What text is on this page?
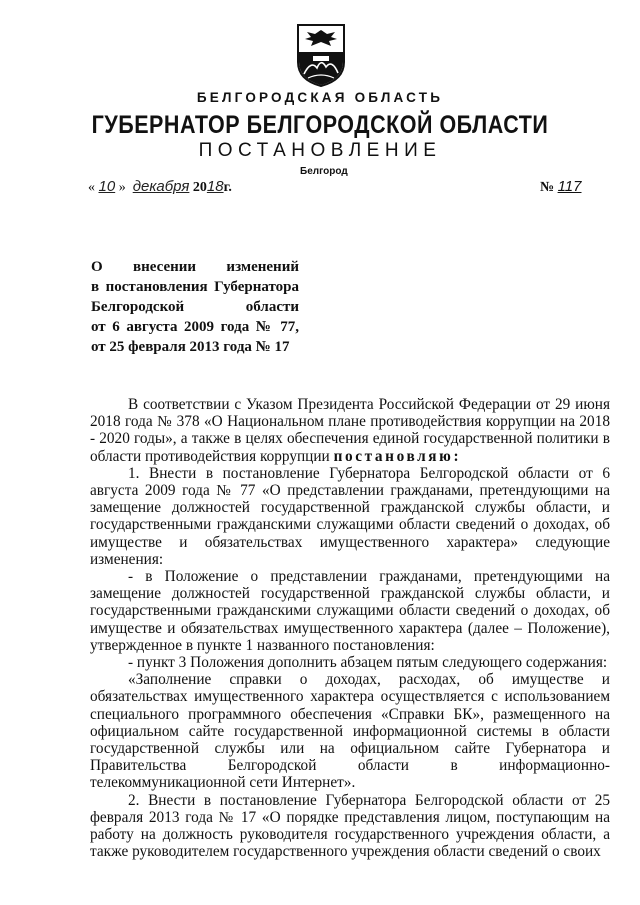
БЕЛГОРОДСКАЯ ОБЛАСТЬ
ГУБЕРНАТОР БЕЛГОРОДСКОЙ ОБЛАСТИ
ПОСТАНОВЛЕНИЕ
Белгород
« 10 » декабря 2018г.	№ 117
О внесении изменений
в постановления Губернатора
Белгородской области
от 6 августа 2009 года № 77,
от 25 февраля 2013 года № 17

В соответствии с Указом Президента Российской Федерации от 29 июня 2018 года № 378 «О Национальном плане противодействия коррупции на 2018 - 2020 годы», а также в целях обеспечения единой государственной политики в области противодействия коррупции постановляю:

1. Внести в постановление Губернатора Белгородской области от 6 августа 2009 года № 77 «О представлении гражданами, претендующими на замещение должностей государственной гражданской службы области, и государственными гражданскими служащими области сведений о доходах, об имуществе и обязательствах имущественного характера» следующие изменения:

- в Положение о представлении гражданами, претендующими на замещение должностей государственной гражданской службы области, и государственными гражданскими служащими области сведений о доходах, об имуществе и обязательствах имущественного характера (далее – Положение), утвержденное в пункте 1 названного постановления:

- пункт 3 Положения дополнить абзацем пятым следующего содержания:

«Заполнение справки о доходах, расходах, об имуществе и обязательствах имущественного характера осуществляется с использованием специального программного обеспечения «Справки БК», размещенного на официальном сайте государственной информационной системы в области государственной службы или на официальном сайте Губернатора и Правительства Белгородской области в информационно-телекоммуникационной сети Интернет».

2. Внести в постановление Губернатора Белгородской области от 25 февраля 2013 года № 17 «О порядке представления лицом, поступающим на работу на должность руководителя государственного учреждения области, а также руководителем государственного учреждения области сведений о своих
